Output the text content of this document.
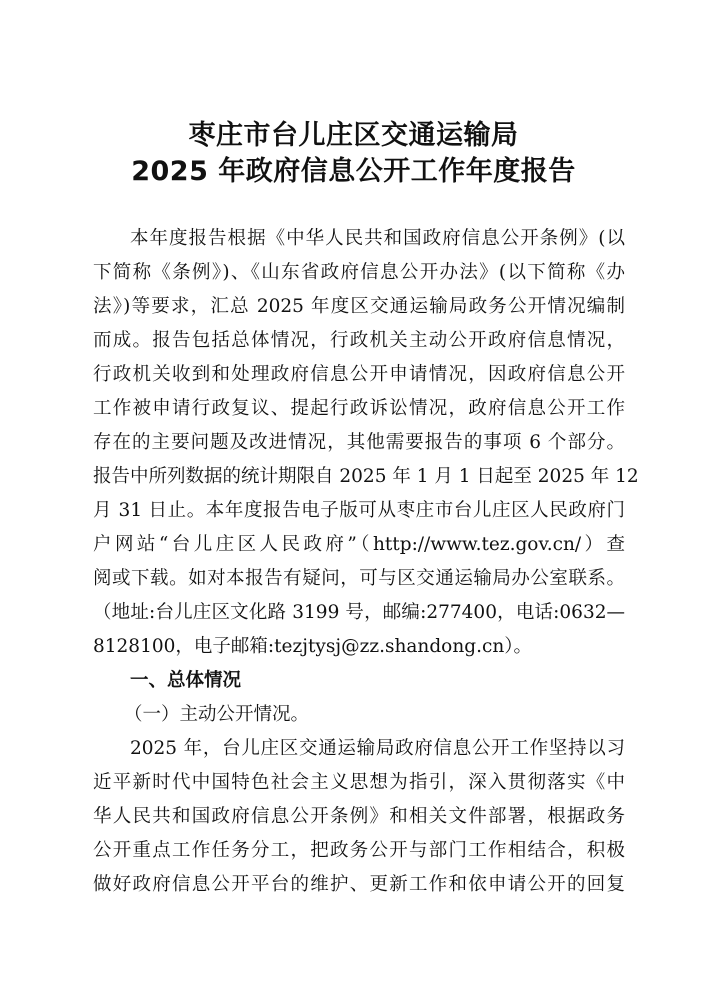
枣庄市台儿庄区交通运输局
2025 年政府信息公开工作年度报告
本年度报告根据《中华人民共和国政府信息公开条例》(以
下简称《条例》)、《山东省政府信息公开办法》(以下简称《办
法》)等要求，汇总 2025 年度区交通运输局政务公开情况编制
而成。报告包括总体情况，行政机关主动公开政府信息情况，
行政机关收到和处理政府信息公开申请情况，因政府信息公开
工作被申请行政复议、提起行政诉讼情况，政府信息公开工作
存在的主要问题及改进情况，其他需要报告的事项 6 个部分。
报告中所列数据的统计期限自 2025 年 1 月 1 日起至 2025 年 12
月 31 日止。本年度报告电子版可从枣庄市台儿庄区人民政府门
户网站“台儿庄区人民政府”（http://www.tez.gov.cn/）查
阅或下载。如对本报告有疑问，可与区交通运输局办公室联系。
（地址:台儿庄区文化路 3199 号，邮编:277400，电话:0632—
8128100，电子邮箱:tezjtysj@zz.shandong.cn）。
一、总体情况
（一）主动公开情况。
2025 年，台儿庄区交通运输局政府信息公开工作坚持以习
近平新时代中国特色社会主义思想为指引，深入贯彻落实《中
华人民共和国政府信息公开条例》和相关文件部署，根据政务
公开重点工作任务分工，把政务公开与部门工作相结合，积极
做好政府信息公开平台的维护、更新工作和依申请公开的回复
